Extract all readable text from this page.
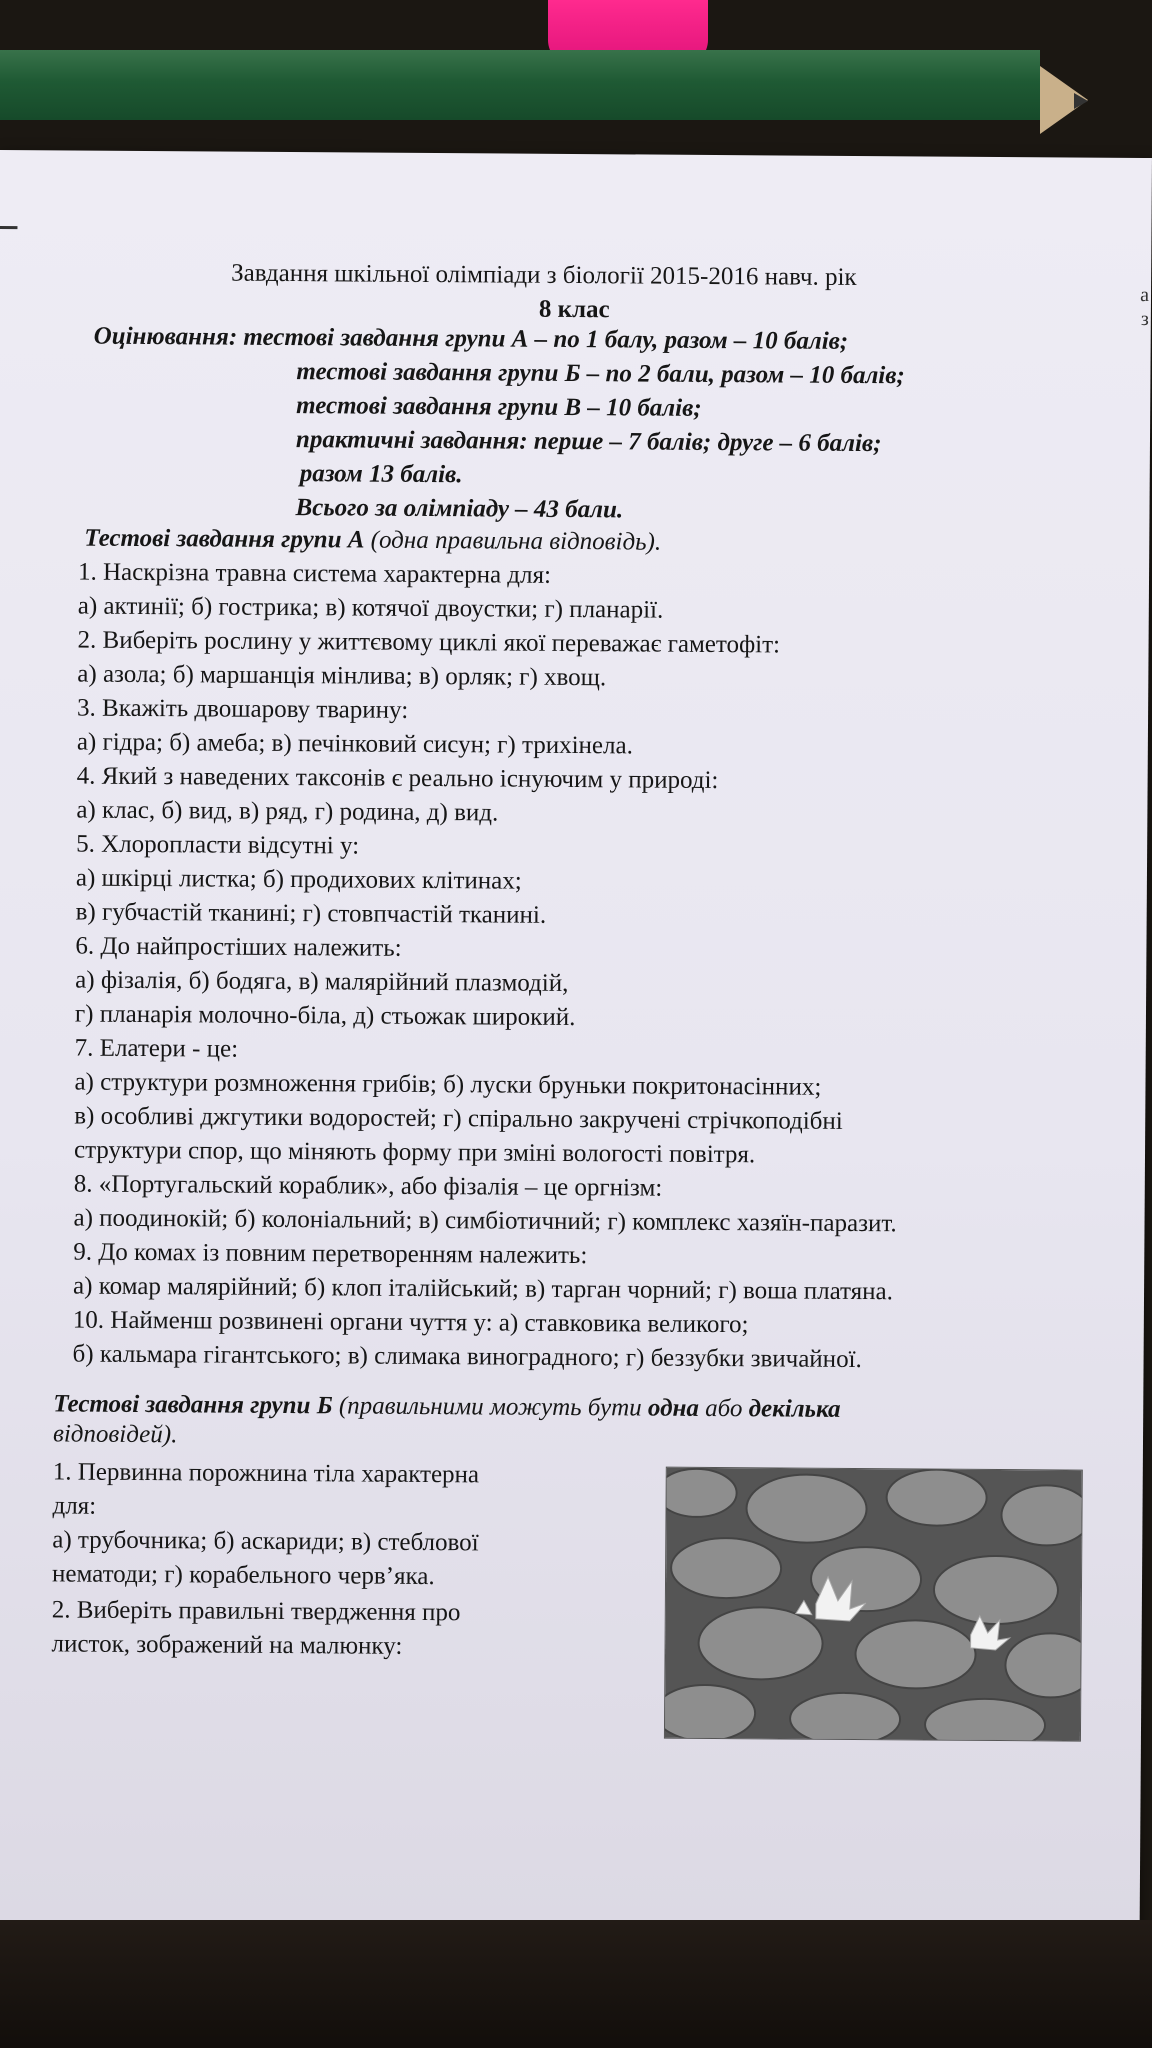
Завдання шкільної олімпіади з біології 2015-2016 навч. рік
8 клас
Оцінювання: тестові завдання групи А – по 1 балу, разом – 10 балів;
тестові завдання групи Б – по 2 бали, разом – 10 балів;
тестові завдання групи В – 10 балів;
практичні завдання: перше – 7 балів; друге – 6 балів;
разом 13 балів.
Всього за олімпіаду – 43 бали.
Тестові завдання групи А (одна правильна відповідь).
1. Наскрізна травна система характерна для:
а) актинії; б) гострика; в) котячої двоустки; г) планарії.
2. Виберіть рослину у життєвому циклі якої переважає гаметофіт:
а) азола; б) маршанція мінлива; в) орляк; г) хвощ.
3. Вкажіть двошарову тварину:
а) гідра; б) амеба; в) печінковий сисун; г) трихінела.
4. Який з наведених таксонів є реально існуючим у природі:
а) клас, б) вид, в) ряд, г) родина, д) вид.
5. Хлоропласти відсутні у:
а) шкірці листка; б) продихових клітинах;
в) губчастій тканині; г) стовпчастій тканині.
6. До найпростіших належить:
а) фізалія, б) бодяга, в) малярійний плазмодій,
г) планарія молочно-біла, д) стьожак широкий.
7. Елатери - це:
а) структури розмноження грибів; б) луски бруньки покритонасінних;
в) особливі джгутики водоростей; г) спірально закручені стрічкоподібні
структури спор, що міняють форму при зміні вологості повітря.
8. «Португальский кораблик», або фізалія – це оргнізм:
а) поодинокій; б) колоніальний; в) симбіотичний; г) комплекс хазяїн-паразит.
9. До комах із повним перетворенням належить:
а) комар малярійний; б) клоп італійський; в) тарган чорний; г) воша платяна.
10. Найменш розвинені органи чуття у: а) ставковика великого;
б) кальмара гігантського; в) слимака виноградного; г) беззубки звичайної.
Тестові завдання групи Б (правильними можуть бути одна або декілька
відповідей).
1. Первинна порожнина тіла характерна
для:
а) трубочника; б) аскариди; в) стеблової
нематоди; г) корабельного черв’яка.
2. Виберіть правильні твердження про
листок, зображений на малюнку:
a
з
